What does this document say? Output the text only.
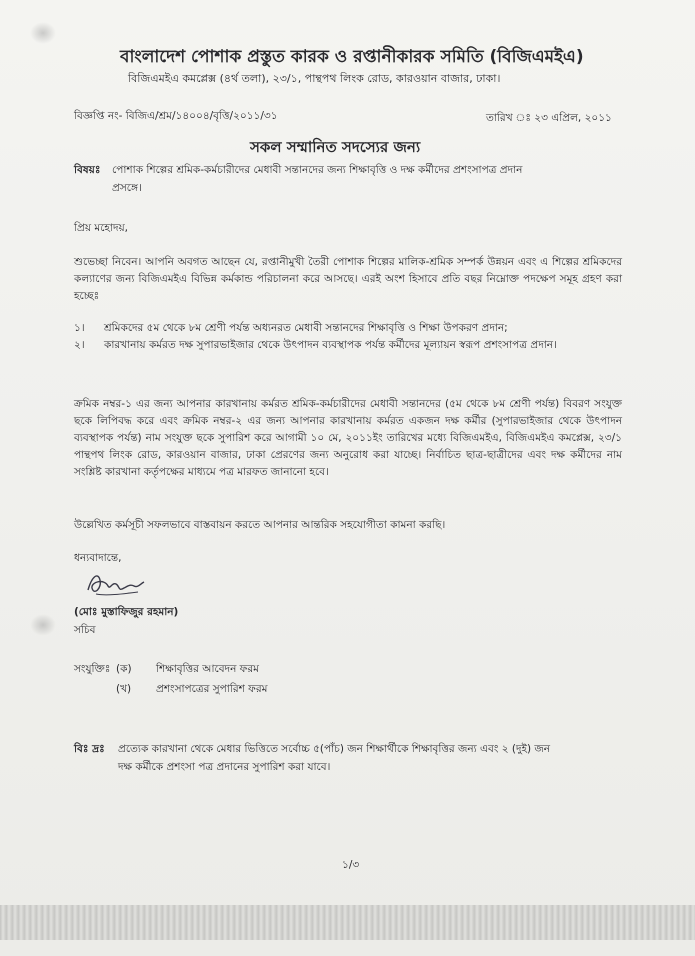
বাংলাদেশ পোশাক প্রস্তুত কারক ও রপ্তানীকারক সমিতি (বিজিএমইএ)
বিজিএমইএ কমপ্লেক্স (৪র্থ তলা), ২৩/১, পান্থপথ লিংক রোড, কারওয়ান বাজার, ঢাকা।
বিজ্ঞপ্তি নং- বিজিএ/শ্রম/১৪০০৪/বৃত্তি/২০১১/৩১	তারিখ ঃ ২৩ এপ্রিল, ২০১১
সকল সম্মানিত সদস্যের জন্য
বিষয়ঃ পোশাক শিল্পের শ্রমিক-কর্মচারীদের মেধাবী সন্তানদের জন্য শিক্ষাবৃত্তি ও দক্ষ কর্মীদের প্রশংসাপত্র প্রদান
প্রসঙ্গে।
প্রিয় মহোদয়,
শুভেচ্ছা নিবেন। আপনি অবগত আছেন যে, রপ্তানীমুখী তৈরী পোশাক শিল্পের মালিক-শ্রমিক সম্পর্ক উন্নয়ন এবং এ শিল্পের শ্রমিকদের কল্যাণের জন্য বিজিএমইএ বিভিন্ন কর্মকান্ড পরিচালনা করে আসছে। এরই অংশ হিসাবে প্রতি বছর নিম্নোক্ত পদক্ষেপ সমূহ গ্রহণ করা হচ্ছেঃ
১। শ্রমিকদের ৫ম থেকে ৮ম শ্রেণী পর্যন্ত অধ্যনরত মেধাবী সন্তানদের শিক্ষাবৃত্তি ও শিক্ষা উপকরণ প্রদান;
২। কারখানায় কর্মরত দক্ষ সুপারভাইজার থেকে উৎপাদন ব্যবস্থাপক পর্যন্ত কর্মীদের মূল্যায়ন স্বরূপ প্রশংসাপত্র প্রদান।
ক্রমিক নম্বর-১ এর জন্য আপনার কারখানায় কর্মরত শ্রমিক-কর্মচারীদের মেধাবী সন্তানদের (৫ম থেকে ৮ম শ্রেণী পর্যন্ত) বিবরণ সংযুক্ত ছকে লিপিবদ্ধ করে এবং ক্রমিক নম্বর-২ এর জন্য আপনার কারখানায় কর্মরত একজন দক্ষ কর্মীর (সুপারভাইজার থেকে উৎপাদন ব্যবস্থাপক পর্যন্ত) নাম সংযুক্ত ছকে সুপারিশ করে আগামী ১০ মে, ২০১১ইং তারিখের মধ্যে বিজিএমইএ, বিজিএমইএ কমপ্লেক্স, ২৩/১ পান্থপথ লিংক রোড, কারওয়ান বাজার, ঢাকা প্রেরণের জন্য অনুরোধ করা যাচ্ছে। নির্বাচিত ছাত্র-ছাত্রীদের এবং দক্ষ কর্মীদের নাম সংশ্লিষ্ট কারখানা কর্তৃপক্ষের মাধ্যমে পত্র মারফত জানানো হবে।
উল্লেখিত কর্মসূচী সফলভাবে বাস্তবায়ন করতে আপনার আন্তরিক সহযোগীতা কামনা করছি।
ধন্যবাদান্তে,
(মোঃ মুস্তাফিজুর রহমান)
সচিব
সংযুক্তিঃ (ক) শিক্ষাবৃত্তির আবেদন ফরম
(খ) প্রশংসাপত্রের সুপারিশ ফরম
বিঃ দ্রঃ প্রত্যেক কারখানা থেকে মেধার ভিত্তিতে সর্বোচ্চ ৫(পাঁচ) জন শিক্ষার্থীকে শিক্ষাবৃত্তির জন্য এবং ২ (দুই) জন
দক্ষ কর্মীকে প্রশংসা পত্র প্রদানের সুপারিশ করা যাবে।
১/৩
